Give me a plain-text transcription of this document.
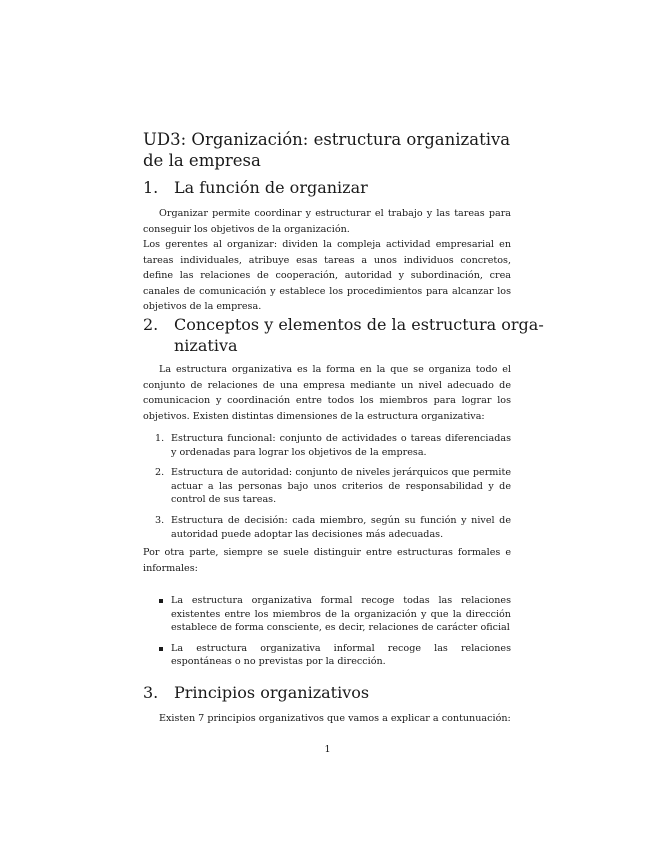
UD3: Organización: estructura organizativa de la empresa
1. La función de organizar

Organizar permite coordinar y estructurar el trabajo y las tareas para conseguir los objetivos de la organización.

Los gerentes al organizar: dividen la compleja actividad empresarial en tareas individuales, atribuye esas tareas a unos individuos concretos, define las relaciones de cooperación, autoridad y subordinación, crea canales de comunicación y establece los procedimientos para alcanzar los objetivos de la empresa.

2. Conceptos y elementos de la estructura orga-
nizativa

La estructura organizativa es la forma en la que se organiza todo el conjunto de relaciones de una empresa mediante un nivel adecuado de comunicacion y coordinación entre todos los miembros para lograr los objetivos. Existen distintas dimensiones de la estructura organizativa:

1. Estructura funcional: conjunto de actividades o tareas diferenciadas y ordenadas para lograr los objetivos de la empresa.
2. Estructura de autoridad: conjunto de niveles jerárquicos que permite actuar a las personas bajo unos criterios de responsabilidad y de control de sus tareas.
3. Estructura de decisión: cada miembro, según su función y nivel de autoridad puede adoptar las decisiones más adecuadas.

Por otra parte, siempre se suele distinguir entre estructuras formales e informales:

La estructura organizativa formal recoge todas las relaciones existentes entre los miembros de la organización y que la dirección establece de forma consciente, es decir, relaciones de carácter oficial
La estructura organizativa informal recoge las relaciones espontáneas o no previstas por la dirección.
3. Principios organizativos

Existen 7 principios organizativos que vamos a explicar a contunuación:

1
